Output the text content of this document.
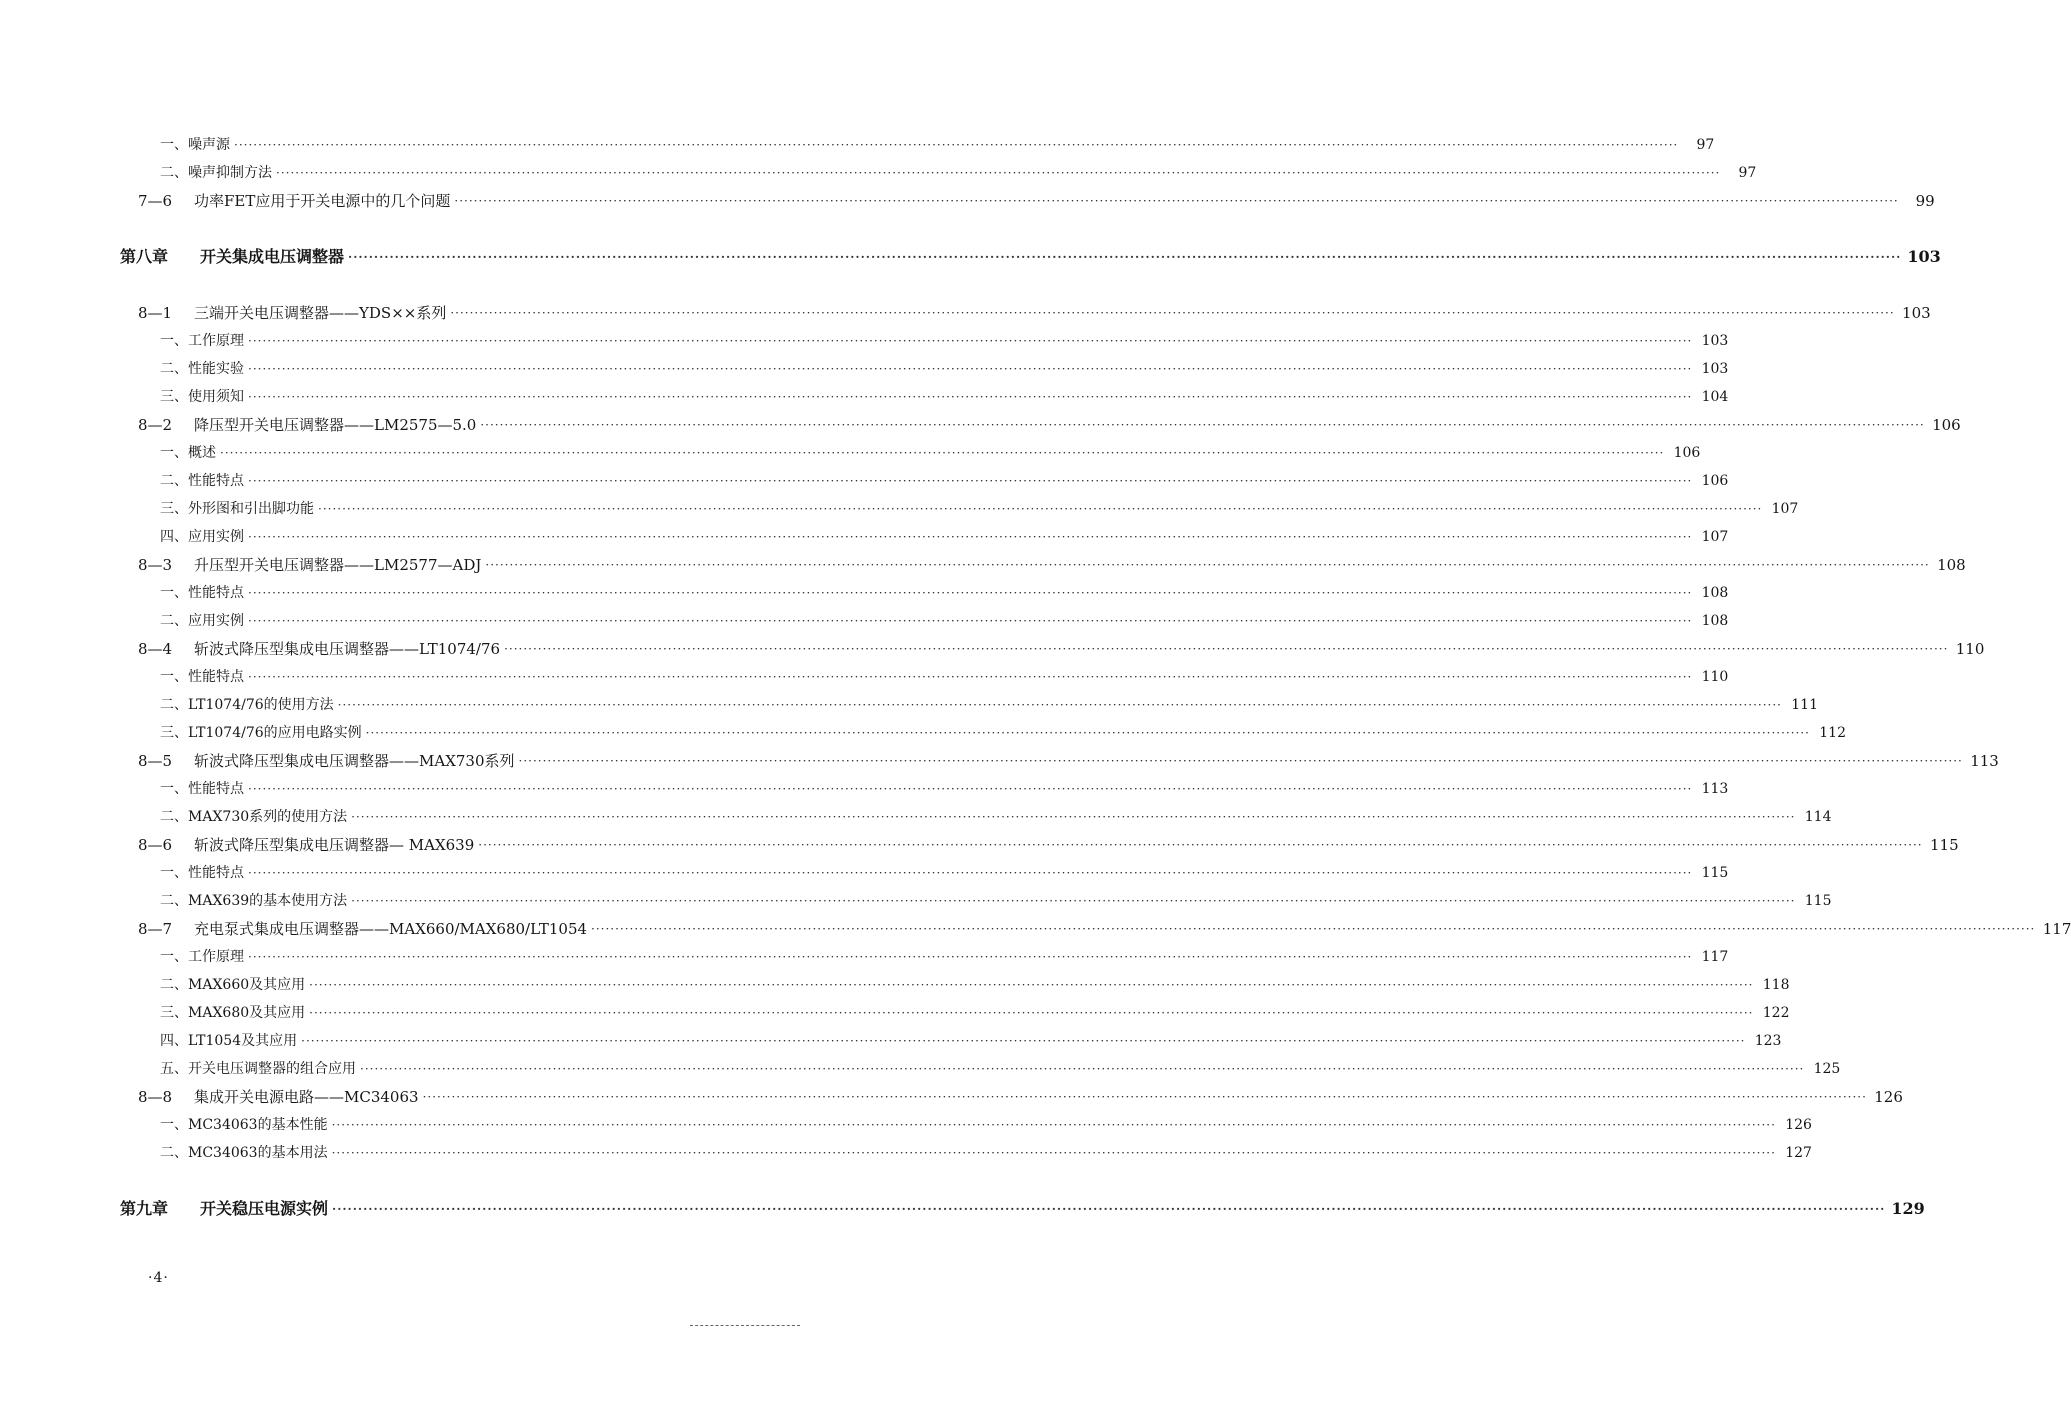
一、噪声源 ············································································································································································································································································································	97
二、噪声抑制方法 ············································································································································································································································································································	97
7—6	功率FET应用于开关电源中的几个问题 ············································································································································································································································································································	99
第八章	开关集成电压调整器 ············································································································································································································································································································ 103
8—1	三端开关电压调整器——YDS××系列 ············································································································································································································································································································ 103
一、工作原理 ············································································································································································································································································································ 103
二、性能实验 ············································································································································································································································································································ 103
三、使用须知 ············································································································································································································································································································ 104
8—2	降压型开关电压调整器——LM2575—5.0 ············································································································································································································································································································ 106
一、概述 ············································································································································································································································································································ 106
二、性能特点 ············································································································································································································································································································ 106
三、外形图和引出脚功能 ············································································································································································································································································································ 107
四、应用实例 ············································································································································································································································································································ 107
8—3	升压型开关电压调整器——LM2577—ADJ ············································································································································································································································································································ 108
一、性能特点 ············································································································································································································································································································ 108
二、应用实例 ············································································································································································································································································································ 108
8—4	斩波式降压型集成电压调整器——LT1074/76 ············································································································································································································································································································ 110
一、性能特点 ············································································································································································································································································································ 110
二、LT1074/76的使用方法 ············································································································································································································································································································ 111
三、LT1074/76的应用电路实例 ············································································································································································································································································································ 112
8—5	斩波式降压型集成电压调整器——MAX730系列 ············································································································································································································································································································ 113
一、性能特点 ············································································································································································································································································································ 113
二、MAX730系列的使用方法 ············································································································································································································································································································ 114
8—6	斩波式降压型集成电压调整器— MAX639 ············································································································································································································································································································ 115
一、性能特点 ············································································································································································································································································································ 115
二、MAX639的基本使用方法 ············································································································································································································································································································ 115
8—7	充电泵式集成电压调整器——MAX660/MAX680/LT1054 ············································································································································································································································································································ 117
一、工作原理 ············································································································································································································································································································ 117
二、MAX660及其应用 ············································································································································································································································································································ 118
三、MAX680及其应用 ············································································································································································································································································································ 122
四、LT1054及其应用 ············································································································································································································································································································ 123
五、开关电压调整器的组合应用 ············································································································································································································································································································ 125
8—8	集成开关电源电路——MC34063 ············································································································································································································································································································ 126
一、MC34063的基本性能 ············································································································································································································································································································ 126
二、MC34063的基本用法 ············································································································································································································································································································ 127
第九章	开关稳压电源实例 ············································································································································································································································································································ 129
·4·
